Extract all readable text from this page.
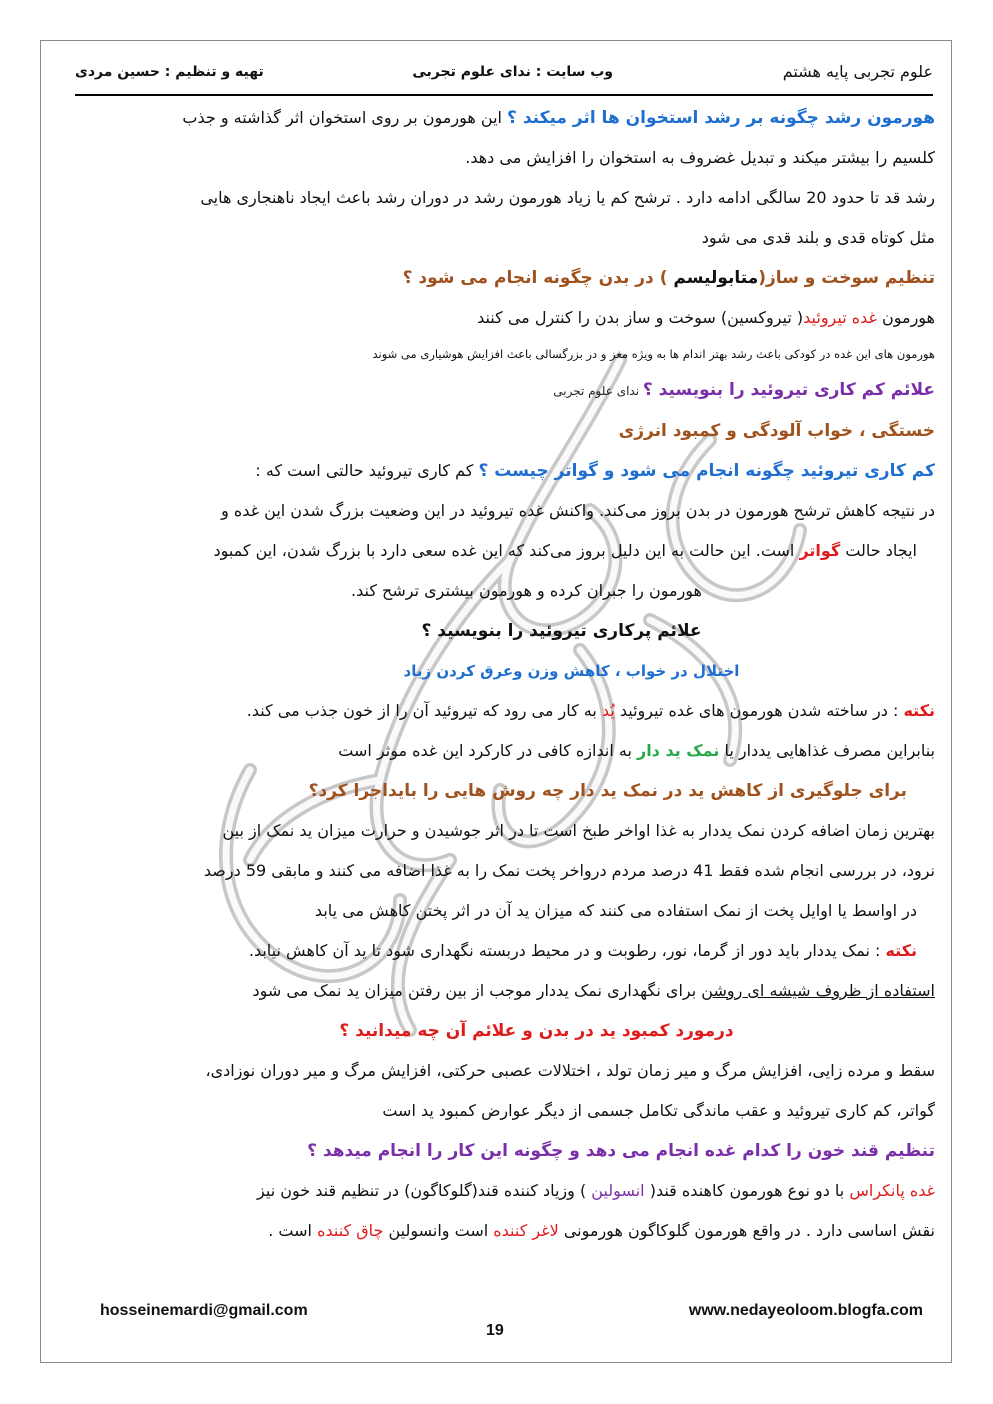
علوم تجربی پایه هشتم
وب سایت : ندای علوم تجربی
تهیه و تنظیم : حسین مردی

هورمون رشد چگونه بر رشد استخوان ها اثر میکند ؟ این هورمون بر روی استخوان اثر گذاشته و جذب

کلسیم را بیشتر میکند و تبدیل غضروف به استخوان را افزایش می دهد.

رشد قد تا حدود 20 سالگی ادامه دارد . ترشح کم یا زیاد هورمون رشد در دوران رشد باعث ایجاد ناهنجاری هایی

مثل کوتاه قدی و بلند قدی می شود

تنظیم سوخت و ساز(متابولیسم ) در بدن چگونه انجام می شود ؟

هورمون غده تیروئید( تیروکسین) سوخت و ساز بدن را کنترل می کنند

هورمون های این غده در کودکی باعث رشد بهتر اندام ها به ویژه مغز و در بزرگسالی باعث افزایش هوشیاری می شوند

علائم کم کاری تیروئید را بنویسید ؟ ندای علوم تجربی

خستگی ، خواب آلودگی و کمبود انرژی

کم کاری تیروئید چگونه انجام می شود و گواتر چیست ؟ کم کاری تیروئید حالتی است که :

در نتیجه کاهش ترشح هورمون در بدن بروز می‌کند. واکنش غده تیروئید در این وضعیت بزرگ شدن این غده و

ایجاد حالت گواتر است. این حالت به این دلیل بروز می‌کند که این غده سعی دارد با بزرگ شدن، این کمبود

هورمون را جبران کرده و هورمون بیشتری ترشح کند.

علائم پرکاری تیروئید را بنویسید ؟

اختلال در خواب ، کاهش وزن وعرق کردن زیاد

نکته : در ساخته شدن هورمون های غده تیروئید یُد به کار می رود که تیروئید آن را از خون جذب می کند.

بنابراین مصرف غذاهایی یددار یا نمک ید دار به اندازه کافی در کارکرد این غده موثر است

برای جلوگیری از کاهش ید در نمک ید دار چه روش هایی را بایداجرا کرد؟

بهترین زمان اضافه کردن نمک یددار به غذا اواخر طبخ است تا در اثر جوشیدن و حرارت میزان ید نمک از بین

نرود، در بررسی انجام شده فقط 41 درصد مردم درواخر پخت نمک را به غذا اضافه می کنند و مابقی 59 درصد

در اواسط یا اوایل پخت از نمک استفاده می کنند که میزان ید آن در اثر پختن کاهش می یابد

نکته : نمک یددار باید دور از گرما، نور، رطوبت و در محیط دربسته نگهداری شود تا ید آن کاهش نیابد.

استفاده از ظروف شیشه ای روشن برای نگهداری نمک یددار موجب از بین رفتن میزان ید نمک می شود

درمورد کمبود ید در بدن و علائم آن چه میدانید ؟

سقط و مرده زایی، افزایش مرگ و میر زمان تولد ، اختلالات عصبی حرکتی، افزایش مرگ و میر دوران نوزادی،

گواتر، کم کاری تیروئید و عقب ماندگی تکامل جسمی از دیگر عوارض کمبود ید است

تنظیم قند خون را کدام غده انجام می دهد و چگونه این کار را انجام میدهد ؟

غده پانکراس با دو نوع هورمون کاهنده قند( انسولین ) وزیاد کننده قند(گلوکاگون) در تنظیم قند خون نیز

نقش اساسی دارد . در واقع هورمون گلوکاگون هورمونی لاغر کننده است وانسولین چاق کننده است .

hosseinemardi@gmail.com	www.nedayeoloom.blogfa.com
19
